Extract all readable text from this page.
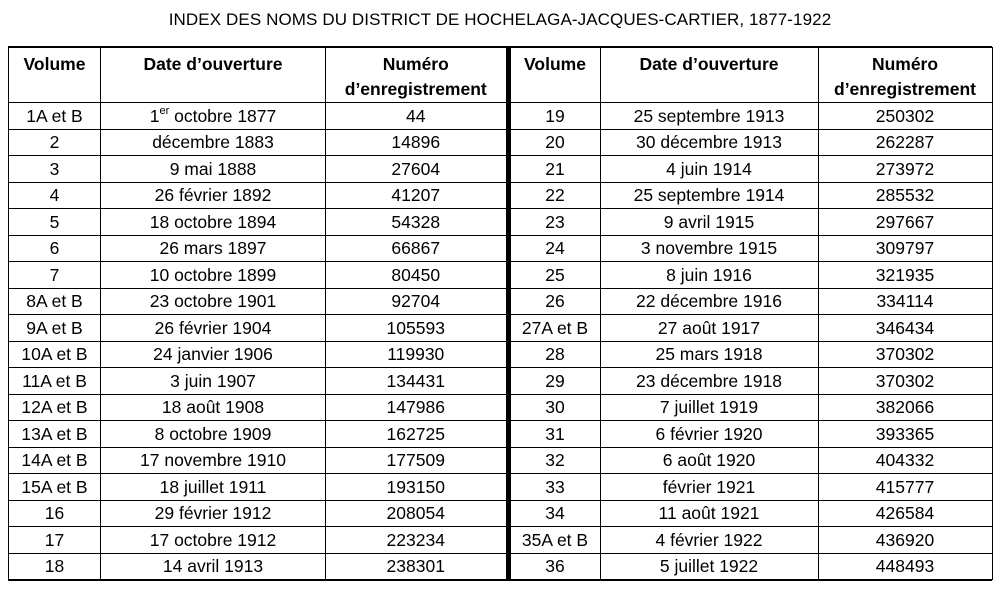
INDEX DES NOMS DU DISTRICT DE HOCHELAGA-JACQUES-CARTIER, 1877-1922
Volume	Date d’ouverture	Numéro
d’enregistrement
1A et B	1er octobre 1877	44
2	décembre 1883	14896
3	9 mai 1888	27604
4	26 février 1892	41207
5	18 octobre 1894	54328
6	26 mars 1897	66867
7	10 octobre 1899	80450
8A et B	23 octobre 1901	92704
9A et B	26 février 1904	105593
10A et B	24 janvier 1906	119930
11A et B	3 juin 1907	134431
12A et B	18 août 1908	147986
13A et B	8 octobre 1909	162725
14A et B	17 novembre 1910	177509
15A et B	18 juillet 1911	193150
16	29 février 1912	208054
17	17 octobre 1912	223234
18	14 avril 1913	238301
Volume	Date d’ouverture	Numéro
d’enregistrement
19	25 septembre 1913	250302
20	30 décembre 1913	262287
21	4 juin 1914	273972
22	25 septembre 1914	285532
23	9 avril 1915	297667
24	3 novembre 1915	309797
25	8 juin 1916	321935
26	22 décembre 1916	334114
27A et B	27 août 1917	346434
28	25 mars 1918	370302
29	23 décembre 1918	370302
30	7 juillet 1919	382066
31	6 février 1920	393365
32	6 août 1920	404332
33	février 1921	415777
34	11 août 1921	426584
35A et B	4 février 1922	436920
36	5 juillet 1922	448493
